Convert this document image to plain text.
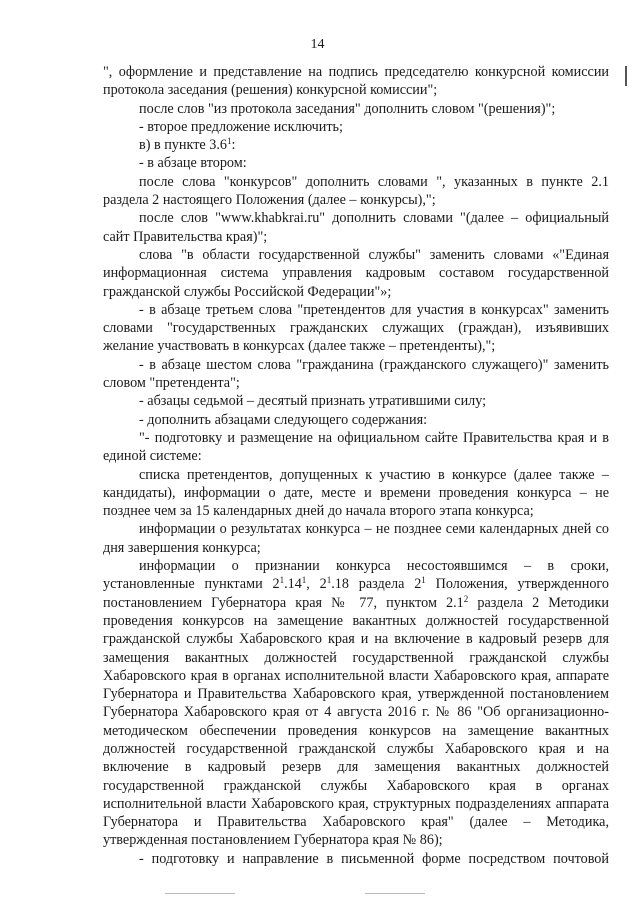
14

", оформление и представление на подпись председателю конкурсной комиссии протокола заседания (решения) конкурсной комиссии";

после слов "из протокола заседания" дополнить словом "(решения)";

- второе предложение исключить;

в) в пункте $3.6^1$:

- в абзаце втором:

после слова "конкурсов" дополнить словами ", указанных в пункте 2.1 раздела 2 настоящего Положения (далее – конкурсы),";

после слов "www.khabkrai.ru" дополнить словами "(далее – официальный сайт Правительства края)";

слова "в области государственной службы" заменить словами «"Единая информационная система управления кадровым составом государственной гражданской службы Российской Федерации"»;

- в абзаце третьем слова "претендентов для участия в конкурсах" заменить словами "государственных гражданских служащих (граждан), изъявивших желание участвовать в конкурсах (далее также – претенденты),";

- в абзаце шестом слова "гражданина (гражданского служащего)" заменить словом "претендента";

- абзацы седьмой – десятый признать утратившими силу;

- дополнить абзацами следующего содержания:

"- подготовку и размещение на официальном сайте Правительства края и в единой системе:

списка претендентов, допущенных к участию в конкурсе (далее также – кандидаты), информации о дате, месте и времени проведения конкурса – не позднее чем за 15 календарных дней до начала второго этапа конкурса;

информации о результатах конкурса – не позднее семи календарных дней со дня завершения конкурса;

информации о признании конкурса несостоявшимся – в сроки, установленные пунктами $2^1.14^1$, $2^1.18$ раздела $2^1$ Положения, утвержденного постановлением Губернатора края № 77, пунктом $2.1^2$ раздела 2 Методики проведения конкурсов на замещение вакантных должностей государственной гражданской службы Хабаровского края и на включение в кадровый резерв для замещения вакантных должностей государственной гражданской службы Хабаровского края в органах исполнительной власти Хабаровского края, аппарате Губернатора и Правительства Хабаровского края, утвержденной постановлением Губернатора Хабаровского края от 4 августа 2016 г. № 86 "Об организационно-методическом обеспечении проведения конкурсов на замещение вакантных должностей государственной гражданской службы Хабаровского края и на включение в кадровый резерв для замещения вакантных должностей государственной гражданской службы Хабаровского края в органах исполнительной власти Хабаровского края, структурных подразделениях аппарата Губернатора и Правительства Хабаровского края" (далее – Методика, утвержденная постановлением Губернатора края № 86);

- подготовку и направление в письменной форме посредством почтовой
